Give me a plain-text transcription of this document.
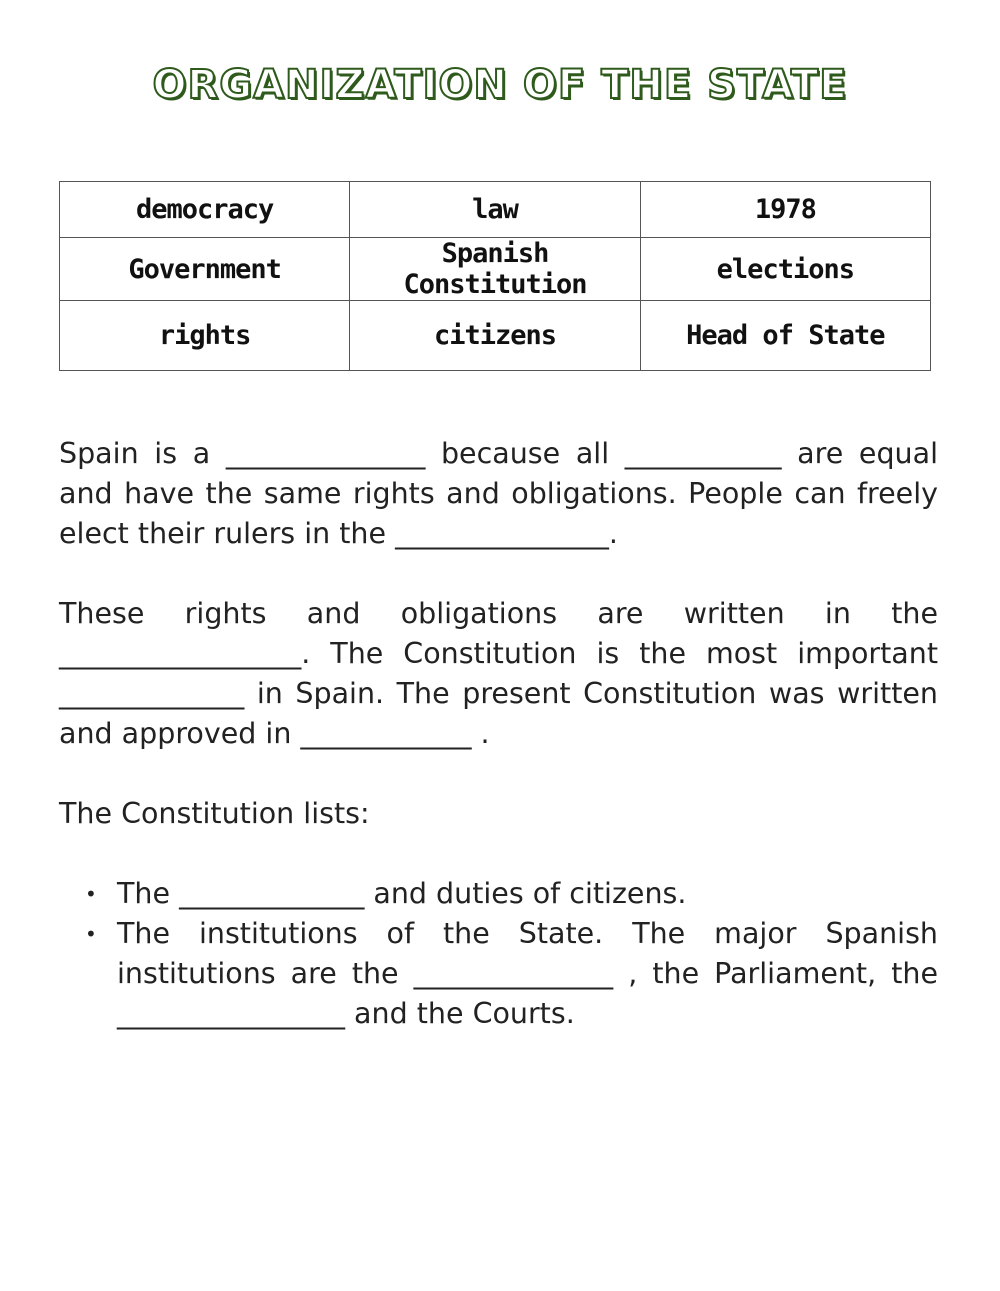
ORGANIZATION OF THE STATE
democracy	law	1978
Government	Spanish Constitution	elections
rights	citizens	Head of State

Spain is a ______________ because all ___________ are equal and have the same rights and obligations. People can freely elect their rulers in the _______________.

These rights and obligations are written in the _________________. The Constitution is the most important _____________ in Spain. The present Constitution was written and approved in ____________ .

The Constitution lists:

• The _____________ and duties of citizens.
• The institutions of the State. The major Spanish institutions are the ______________ , the Parliament, the ________________ and the Courts.
